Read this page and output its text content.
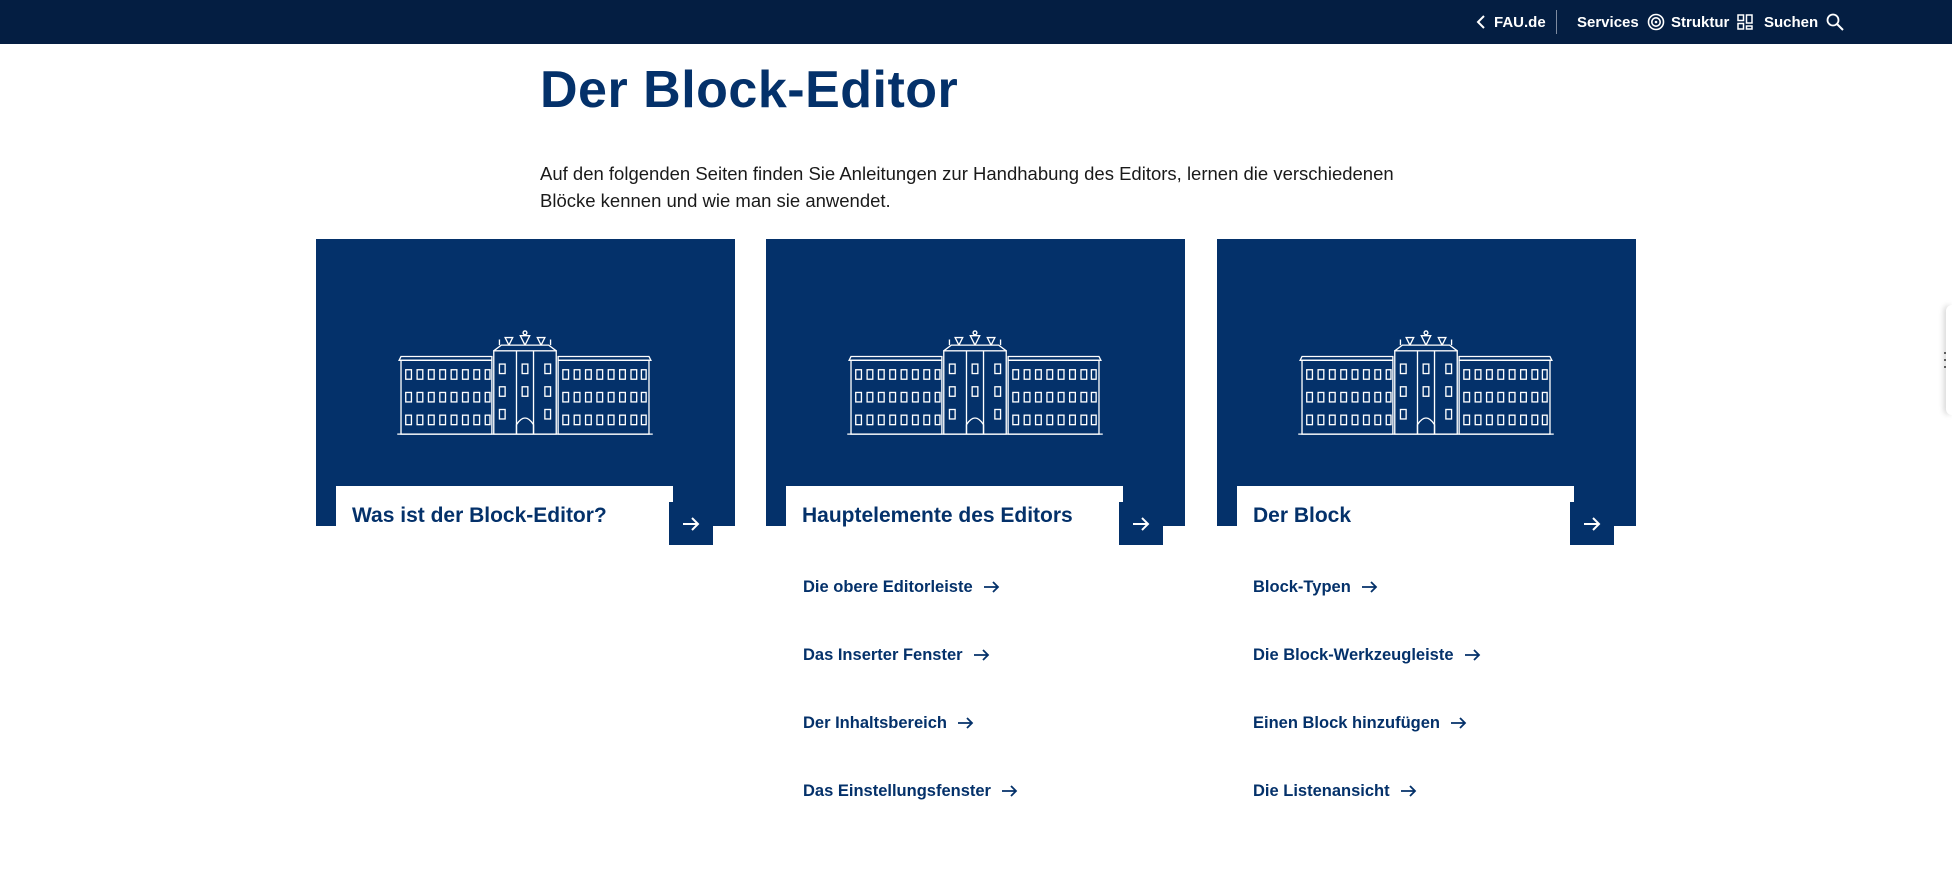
FAU.de Services Struktur Suchen
Der Block-Editor

Auf den folgenden Seiten finden Sie Anleitungen zur Handhabung des Editors, lernen die verschiedenen Blöcke kennen und wie man sie anwendet.

Was ist der Block-Editor?	Hauptelemente des Editors	Der Block
Die obere Editorleiste
Das Inserter Fenster
Der Inhaltsbereich
Das Einstellungsfenster
Block-Typen
Die Block-Werkzeugleiste
Einen Block hinzufügen
Die Listenansicht
